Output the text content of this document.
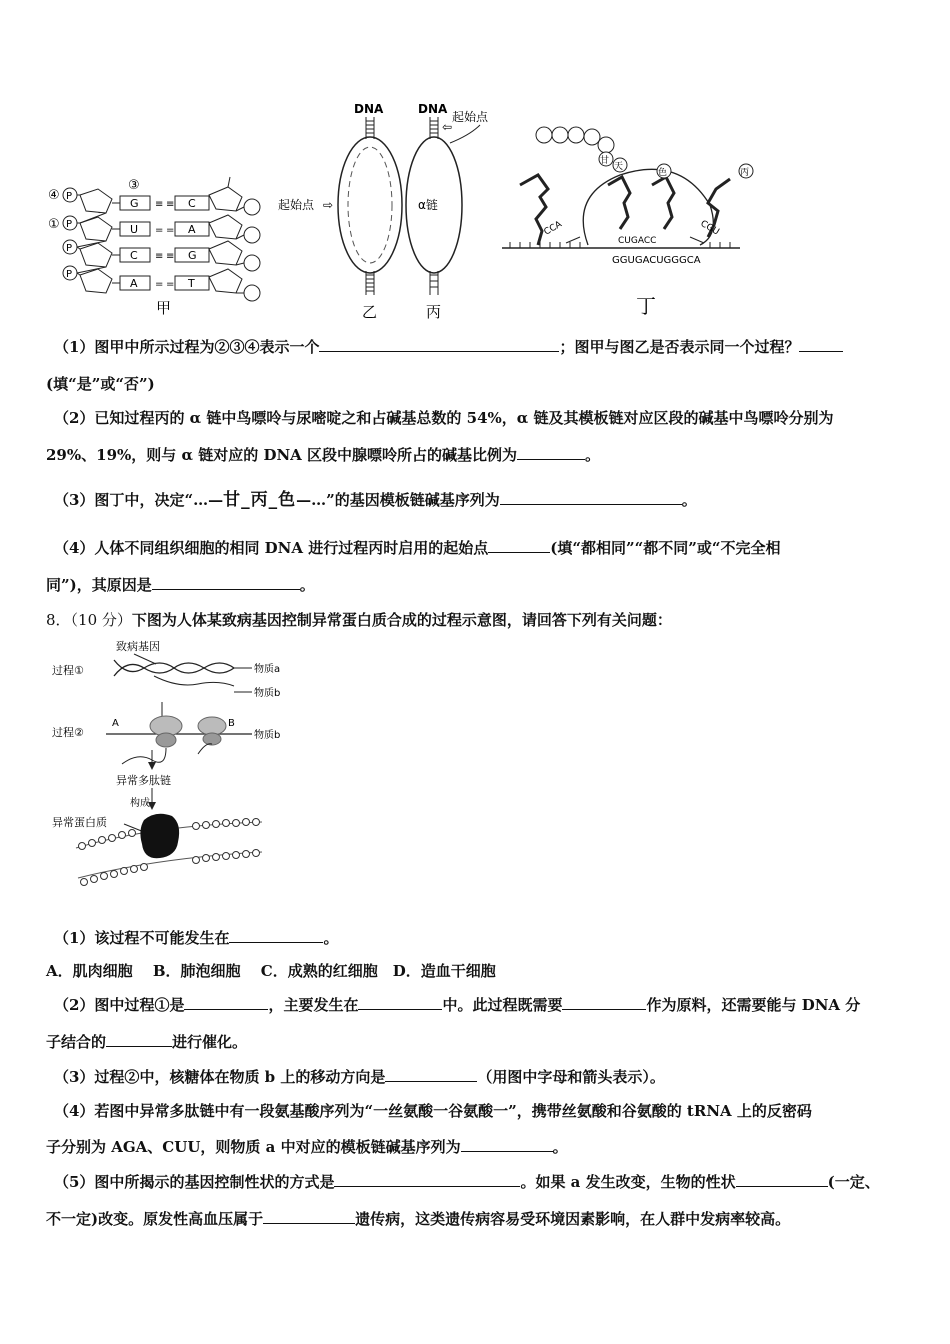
④
①
③
P
P
P
P
G ≡ ≡ C
U = = A
C ≡ ≡ G
A = = T
甲
DNA
起始点 ⇨
乙
DNA
⇦
起始点
α链
丙
甘
天
色	丙
CCA
CUGACC
CGU
GGUGACUGGGCA
丁
（1）图甲中所示过程为②③④表示一个	；图甲与图乙是否表示同一个过程？
(填“是”或“否”)
（2）已知过程丙的 α 链中鸟嘌呤与尿嘧啶之和占碱基总数的 54%，α 链及其模板链对应区段的碱基中鸟嘌呤分别为
29%、19%，则与 α 链对应的 DNA 区段中腺嘌呤所占的碱基比例为	。
（3）图丁中，决定“…—甘_丙_色—…”的基因模板链碱基序列为	。
（4）人体不同组织细胞的相同 DNA 进行过程丙时启用的起始点	(填“都相同”“都不同”或“不完全相
同”)，其原因是	。
8．（10 分）下图为人体某致病基因控制异常蛋白质合成的过程示意图，请回答下列有关问题：
致病基因
过程①	物质a
物质b
过程②
A	B
物质b
异常多肽链
构成
异常蛋白质
（1）该过程不可能发生在	。
A．肌肉细胞　 B．肺泡细胞　 C．成熟的红细胞　D．造血干细胞
（2）图中过程①是	，主要发生在	中。此过程既需要	作为原料，还需要能与 DNA 分
子结合的	进行催化。
（3）过程②中，核糖体在物质 b 上的移动方向是	（用图中字母和箭头表示）。
（4）若图中异常多肽链中有一段氨基酸序列为“一丝氨酸一谷氨酸一”，携带丝氨酸和谷氨酸的 tRNA 上的反密码
子分别为 AGA、CUU，则物质 a 中对应的模板链碱基序列为	。
（5）图中所揭示的基因控制性状的方式是	。如果 a 发生改变，生物的性状	(一定、
不一定)改变。原发性高血压属于	遗传病，这类遗传病容易受环境因素影响，在人群中发病率较高。
